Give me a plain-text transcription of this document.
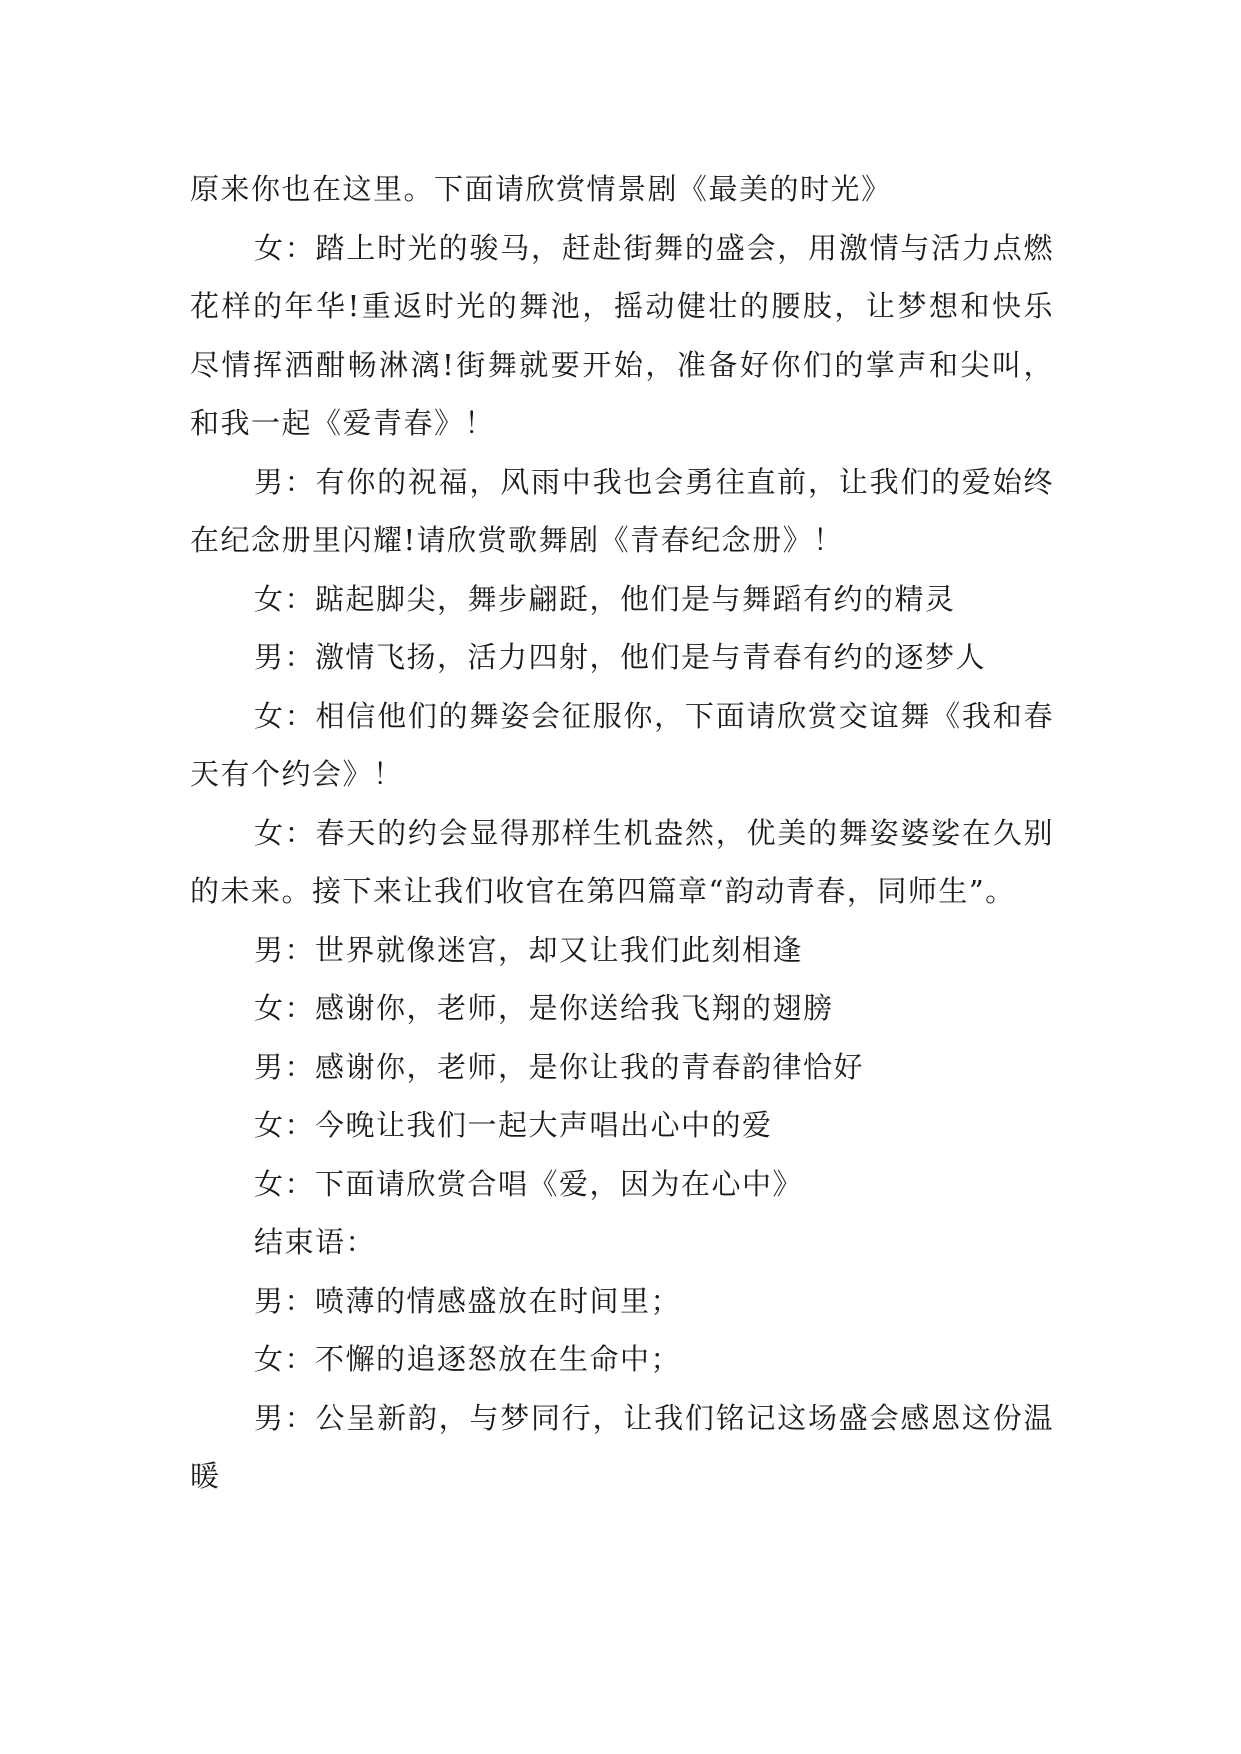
原来你也在这里。下面请欣赏情景剧《最美的时光》

女：踏上时光的骏马，赶赴街舞的盛会，用激情与活力点燃花样的年华!重返时光的舞池，摇动健壮的腰肢，让梦想和快乐尽情挥洒酣畅淋漓!街舞就要开始，准备好你们的掌声和尖叫，和我一起《爱青春》！

男：有你的祝福，风雨中我也会勇往直前，让我们的爱始终在纪念册里闪耀!请欣赏歌舞剧《青春纪念册》！

女：踮起脚尖，舞步翩跹，他们是与舞蹈有约的精灵

男：激情飞扬，活力四射，他们是与青春有约的逐梦人

女：相信他们的舞姿会征服你，下面请欣赏交谊舞《我和春天有个约会》！

女：春天的约会显得那样生机盎然，优美的舞姿婆娑在久别的未来。接下来让我们收官在第四篇章“韵动青春，同师生”。

男：世界就像迷宫，却又让我们此刻相逢

女：感谢你，老师，是你送给我飞翔的翅膀

男：感谢你，老师，是你让我的青春韵律恰好

女：今晚让我们一起大声唱出心中的爱

女：下面请欣赏合唱《爱，因为在心中》

结束语：

男：喷薄的情感盛放在时间里；

女：不懈的追逐怒放在生命中；

男：公呈新韵，与梦同行，让我们铭记这场盛会感恩这份温暖
